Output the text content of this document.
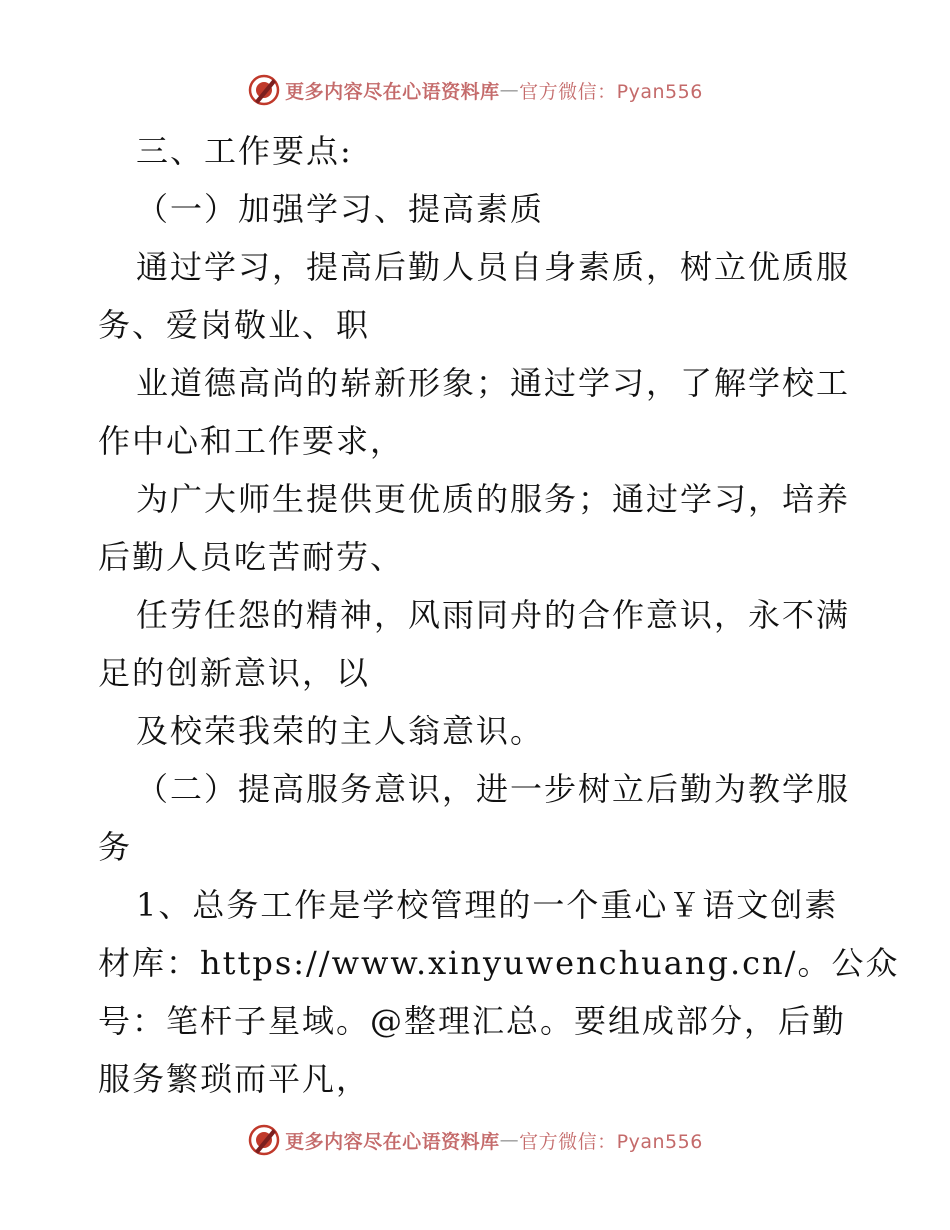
更多内容尽在心语资料库 — 官方微信：Pyan556
三、工作要点:
（一）加强学习、提高素质
通过学习，提高后勤人员自身素质，树立优质服
务、爱岗敬业、职
业道德高尚的崭新形象；通过学习，了解学校工
作中心和工作要求，
为广大师生提供更优质的服务；通过学习，培养
后勤人员吃苦耐劳、
任劳任怨的精神，风雨同舟的合作意识，永不满
足的创新意识，以
及校荣我荣的主人翁意识。
（二）提高服务意识，进一步树立后勤为教学服
务
1、总务工作是学校管理的一个重心￥语文创素
材库：https://www.xinyuwenchuang.cn/。公众
号：笔杆子星域。@整理汇总。要组成部分，后勤
服务繁琐而平凡，
更多内容尽在心语资料库 — 官方微信：Pyan556
